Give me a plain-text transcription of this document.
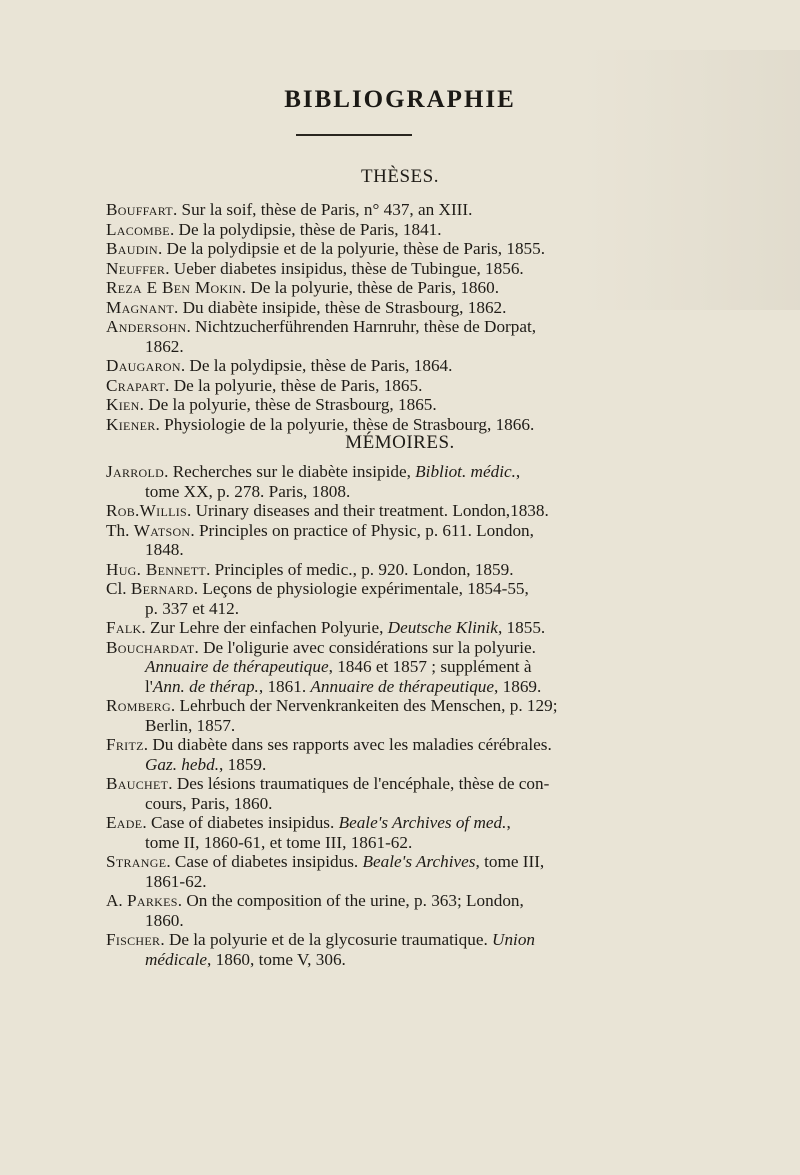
BIBLIOGRAPHIE
THÈSES.

Bouffart. Sur la soif, thèse de Paris, n° 437, an XIII.

Lacombe. De la polydipsie, thèse de Paris, 1841.

Baudin. De la polydipsie et de la polyurie, thèse de Paris, 1855.

Neuffer. Ueber diabetes insipidus, thèse de Tubingue, 1856.

Reza E Ben Mokin. De la polyurie, thèse de Paris, 1860.

Magnant. Du diabète insipide, thèse de Strasbourg, 1862.

Andersohn. Nichtzucherführenden Harnruhr, thèse de Dorpat,
1862.

Daugaron. De la polydipsie, thèse de Paris, 1864.

Crapart. De la polyurie, thèse de Paris, 1865.

Kien. De la polyurie, thèse de Strasbourg, 1865.

Kiener. Physiologie de la polyurie, thèse de Strasbourg, 1866.

MÉMOIRES.

Jarrold. Recherches sur le diabète insipide, Bibliot. médic.,
tome XX, p. 278. Paris, 1808.

Rob.Willis. Urinary diseases and their treatment. London,1838.

Th. Watson. Principles on practice of Physic, p. 611. London,
1848.

Hug. Bennett. Principles of medic., p. 920. London, 1859.

Cl. Bernard. Leçons de physiologie expérimentale, 1854-55,
p. 337 et 412.

Falk. Zur Lehre der einfachen Polyurie, Deutsche Klinik, 1855.

Bouchardat. De l'oligurie avec considérations sur la polyurie.
Annuaire de thérapeutique, 1846 et 1857 ; supplément à
l'Ann. de thérap., 1861. Annuaire de thérapeutique, 1869.

Romberg. Lehrbuch der Nervenkrankeiten des Menschen, p. 129;
Berlin, 1857.

Fritz. Du diabète dans ses rapports avec les maladies cérébrales.
Gaz. hebd., 1859.

Bauchet. Des lésions traumatiques de l'encéphale, thèse de con-
cours, Paris, 1860.

Eade. Case of diabetes insipidus. Beale's Archives of med.,
tome II, 1860-61, et tome III, 1861-62.

Strange. Case of diabetes insipidus. Beale's Archives, tome III,
1861-62.

A. Parkes. On the composition of the urine, p. 363; London,
1860.

Fischer. De la polyurie et de la glycosurie traumatique. Union
médicale, 1860, tome V, 306.
